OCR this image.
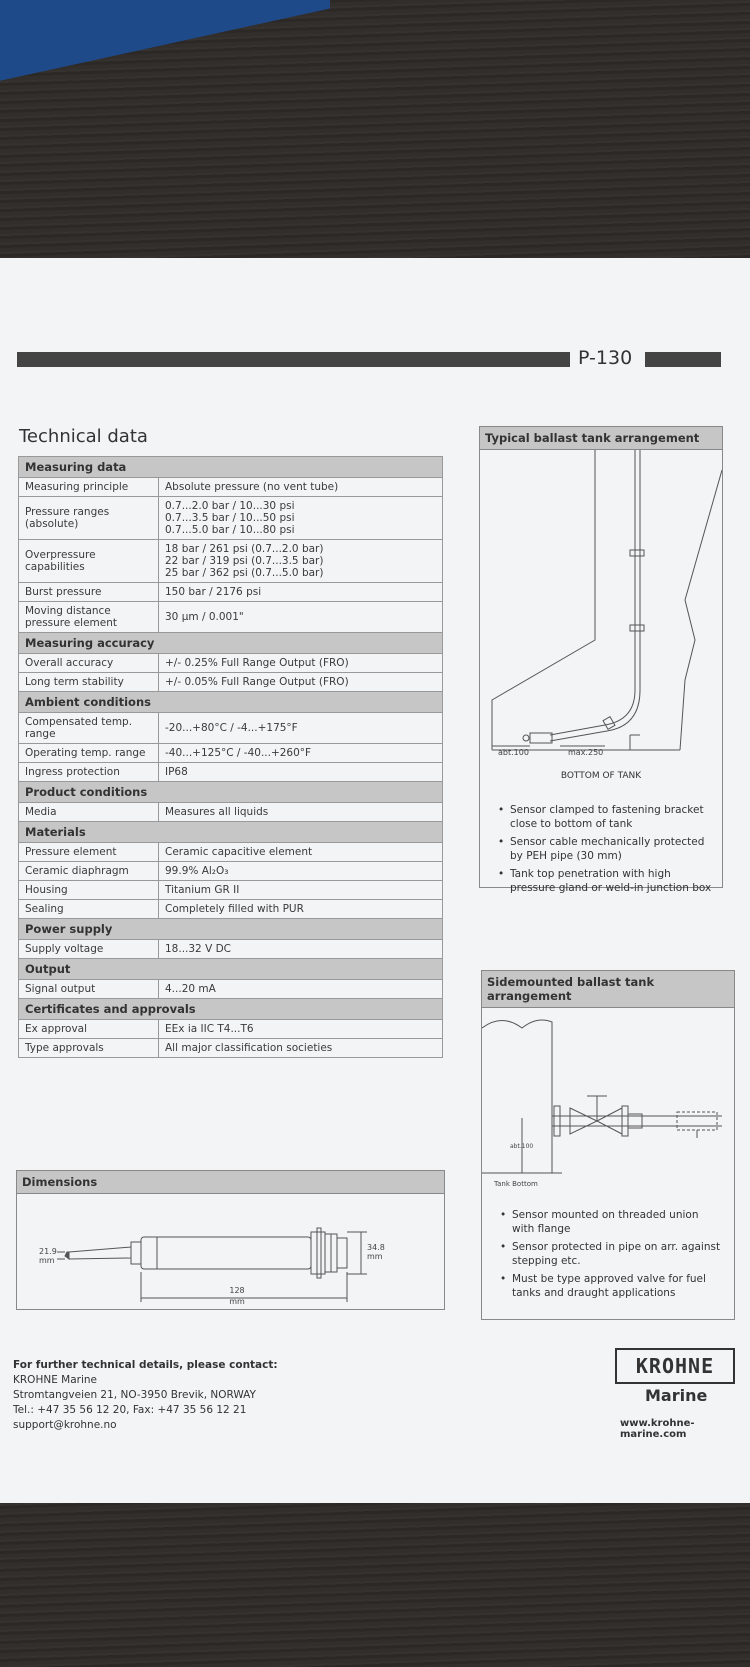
P-130
Technical data
Measuring data	
Measuring principle	Absolute pressure (no vent tube)

Pressure ranges (absolute)	0.7...2.0 bar / 10...30 psi
0.7...3.5 bar / 10...50 psi
0.7...5.0 bar / 10...80 psi

Overpressure capabilities	18 bar / 261 psi (0.7...2.0 bar)
22 bar / 319 psi (0.7...3.5 bar)
25 bar / 362 psi (0.7...5.0 bar)

Burst pressure	150 bar / 2176 psi

Moving distance pressure element	30 μm / 0.001"

Measuring accuracy	
Overall accuracy	+/- 0.25% Full Range Output (FRO)

Long term stability	+/- 0.05% Full Range Output (FRO)

Ambient conditions	
Compensated temp. range	-20...+80°C / -4...+175°F

Operating temp. range	-40...+125°C / -40...+260°F

Ingress protection	IP68

Product conditions	
Media	Measures all liquids

Materials	
Pressure element	Ceramic capacitive element

Ceramic diaphragm	99.9% Al₂O₃

Housing	Titanium GR II

Sealing	Completely filled with PUR

Power supply	
Supply voltage	18...32 V DC

Output	
Signal output	4...20 mA

Certificates and approvals	
Ex approval	EEx ia IIC T4...T6

Type approvals	All major classification societies
Dimensions
21.9
mm
34.8
mm
128
mm
Typical ballast tank arrangement
abt.100	max.250
BOTTOM OF TANK
• Sensor clamped to fastening bracket close to bottom of tank
• Sensor cable mechanically protected by PEH pipe (30 mm)
• Tank top penetration with high pressure gland or weld-in junction box
Sidemounted ballast tank arrangement
abt.100
Tank Bottom
• Sensor mounted on threaded union with flange
• Sensor protected in pipe on arr. against stepping etc.
• Must be type approved valve for fuel tanks and draught applications
For further technical details, please contact:
KROHNE Marine
Stromtangveien 21, NO-3950 Brevik, NORWAY
Tel.: +47 35 56 12 20, Fax: +47 35 56 12 21
support@krohne.no
KROHNE
Marine
www.krohne-marine.com
